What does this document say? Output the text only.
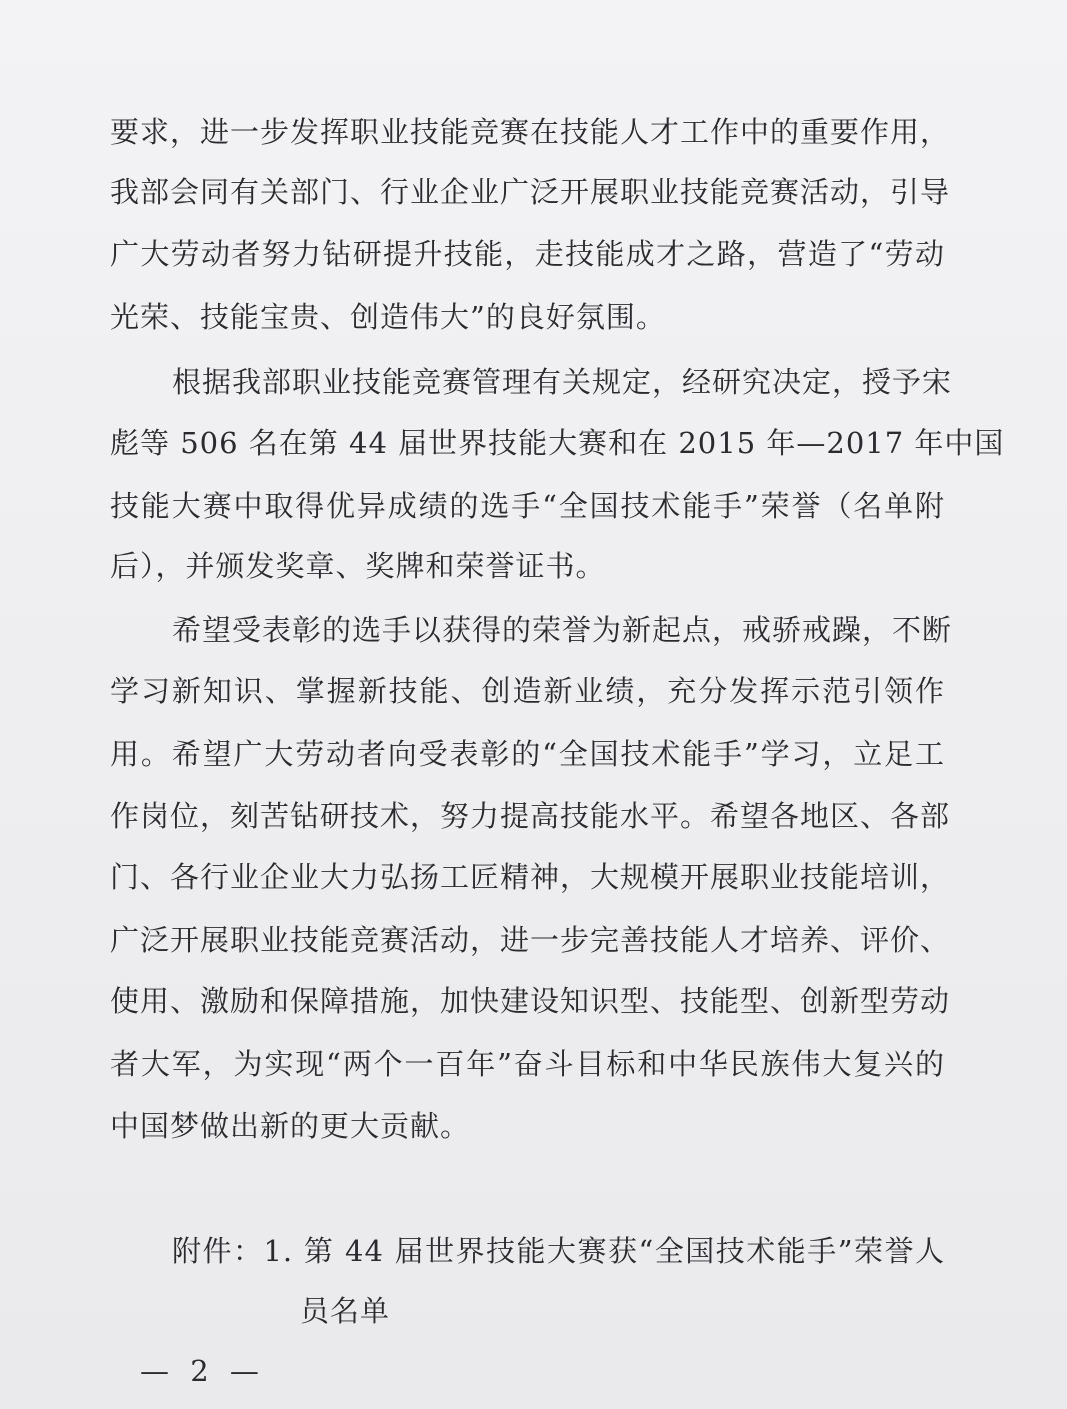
要求，进一步发挥职业技能竞赛在技能人才工作中的重要作用，
我部会同有关部门、行业企业广泛开展职业技能竞赛活动，引导
广大劳动者努力钻研提升技能，走技能成才之路，营造了“劳动
光荣、技能宝贵、创造伟大”的良好氛围。
根据我部职业技能竞赛管理有关规定，经研究决定，授予宋
彪等 506 名在第 44 届世界技能大赛和在 2015 年—2017 年中国
技能大赛中取得优异成绩的选手“全国技术能手”荣誉（名单附
后），并颁发奖章、奖牌和荣誉证书。
希望受表彰的选手以获得的荣誉为新起点，戒骄戒躁，不断
学习新知识、掌握新技能、创造新业绩，充分发挥示范引领作
用。希望广大劳动者向受表彰的“全国技术能手”学习，立足工
作岗位，刻苦钻研技术，努力提高技能水平。希望各地区、各部
门、各行业企业大力弘扬工匠精神，大规模开展职业技能培训，
广泛开展职业技能竞赛活动，进一步完善技能人才培养、评价、
使用、激励和保障措施，加快建设知识型、技能型、创新型劳动
者大军，为实现“两个一百年”奋斗目标和中华民族伟大复兴的
中国梦做出新的更大贡献。
附件：1. 第 44 届世界技能大赛获“全国技术能手”荣誉人
员名单
— 2 —
